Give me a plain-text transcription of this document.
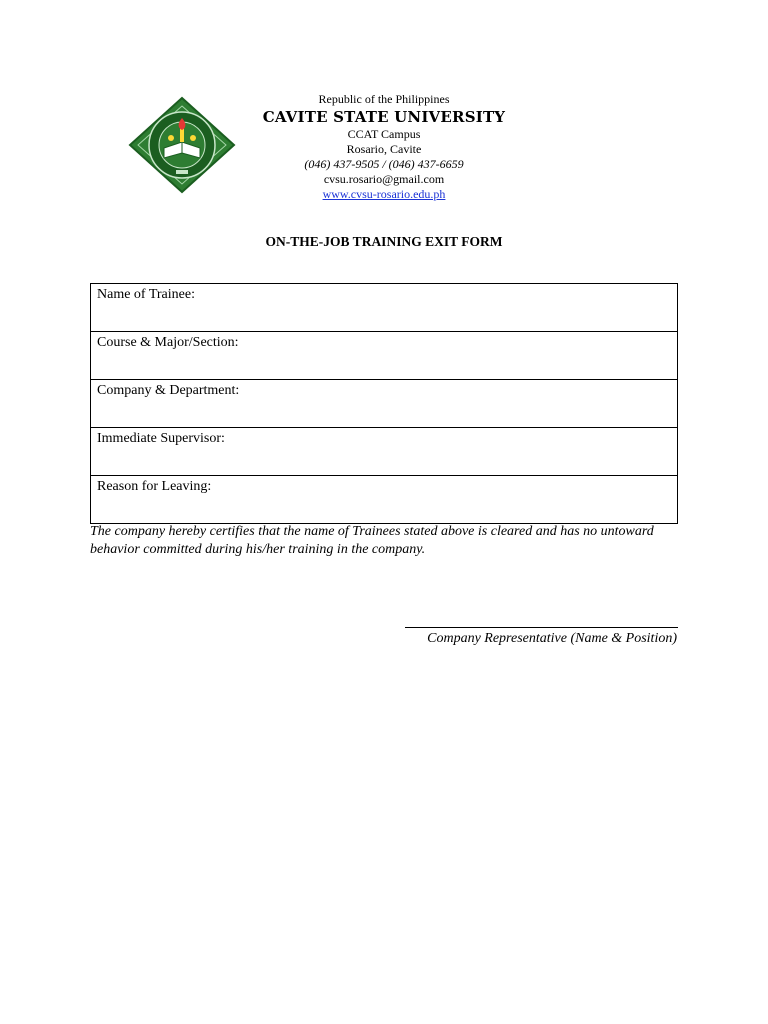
Republic of the Philippines
CAVITE STATE UNIVERSITY
CCAT Campus
Rosario, Cavite
(046) 437-9505 / (046) 437-6659
cvsu.rosario@gmail.com
www.cvsu-rosario.edu.ph
ON-THE-JOB TRAINING EXIT FORM
Name of Trainee:
Course & Major/Section:
Company & Department:
Immediate Supervisor:
Reason for Leaving:
The company hereby certifies that the name of Trainees stated above is cleared and has no untoward behavior committed during his/her training in the company.
Company Representative (Name & Position)
